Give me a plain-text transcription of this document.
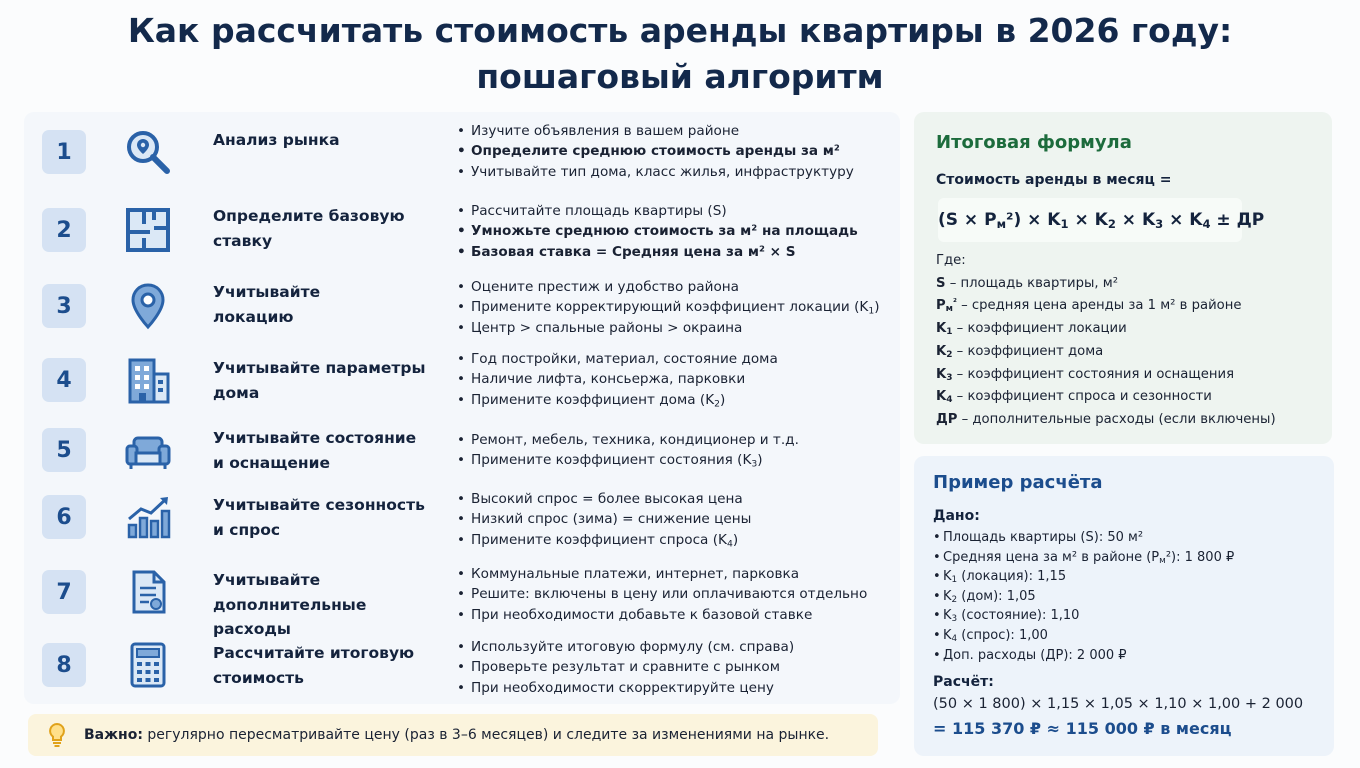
Как рассчитать стоимость аренды квартиры в 2026 году:
пошаговый алгоритм
1	Анализ рынка
•	Изучите объявления в вашем районе
• Определите среднюю стоимость аренды за м²
• Учитывайте тип дома, класс жилья, инфраструктуру
2
Определите базовую
ставку
• Рассчитайте площадь квартиры (S)
• Умножьте среднюю стоимость за м² на площадь
• Базовая ставка = Средняя цена за м² × S
3
Учитывайте
локацию
• Оцените престиж и удобство района
• Примените корректирующий коэффициент локации $(K_1)$
• Центр > спальные районы > окраина
4	Учитывайте параметры
дома
• Год постройки, материал, состояние дома
• Наличие лифта, консьержа, парковки
• Примените коэффициент дома $(K_2)$
5	Учитывайте состояние
и оснащение
• Ремонт, мебель, техника, кондиционер и т.д.
• Примените коэффициент состояния $(K_3)$
6	Учитывайте сезонность
и спрос
• Высокий спрос = более высокая цена
• Низкий спрос (зима) = снижение цены
• Примените коэффициент спроса $(K_4)$
7	Учитывайте дополнительные
расходы
• Коммунальные платежи, интернет, парковка
• Решите: включены в цену или оплачиваются отдельно
• При необходимости добавьте к базовой ставке
8	Рассчитайте итоговую
стоимость
• Используйте итоговую формулу (см. справа)
• Проверьте результат и сравните с рынком
• При необходимости скорректируйте цену
Важно: регулярно пересматривайте цену (раз в 3–6 месяцев) и следите за изменениями на рынке.
Итоговая формула
Стоимость аренды в месяц =
$(S \times P_м^2) \times K_1 \times K_2 \times K_3 \times K_4$ ± ДР
Где:
S – площадь квартиры, м²
$P_м^{^2}$ – средняя цена аренды за 1 м² в районе
$K_1$ – коэффициент локации
$K_2$ – коэффициент дома
$K_3$ – коэффициент состояния и оснащения
$K_4$ – коэффициент спроса и сезонности
ДР – дополнительные расходы (если включены)
Пример расчёта
Дано:
• Площадь квартиры (S): 50 м²
• Средняя цена за м² в районе $(P_м^2)$: 1 800 ₽
• $K_1$ (локация): 1,15
• $K_2$ (дом): 1,05
• $K_3$ (состояние): 1,10
• $K_4$ (спрос): 1,00
• Доп. расходы (ДР): 2 000 ₽
Расчёт:
(50 × 1 800) × 1,15 × 1,05 × 1,10 × 1,00 + 2 000
= 115 370 ₽ ≈ 115 000 ₽ в месяц
